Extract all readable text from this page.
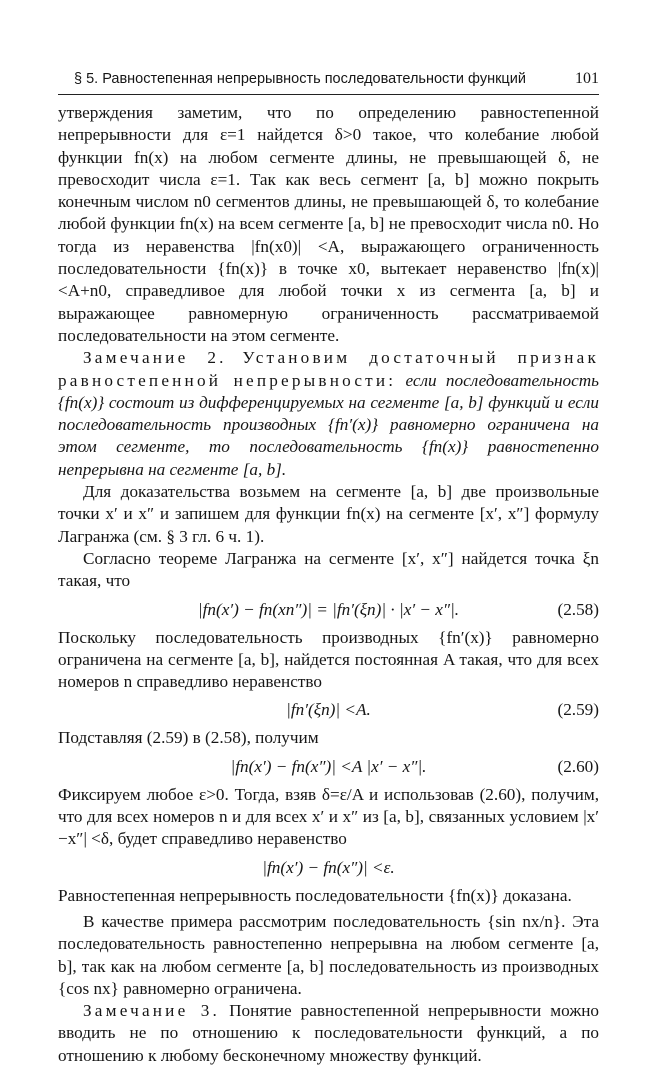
§ 5. Равностепенная непрерывность последовательности функций	101

утверждения заметим, что по определению равностепенной непрерывности для ε=1 найдется δ>0 такое, что колебание любой функции fn(x) на любом сегменте длины, не превышающей δ, не превосходит числа ε=1. Так как весь сегмент [a, b] можно покрыть конечным числом n0 сегментов длины, не превышающей δ, то колебание любой функции fn(x) на всем сегменте [a, b] не превосходит числа n0. Но тогда из неравенства |fn(x0)| <A, выражающего ограниченность последовательности {fn(x)} в точке x0, вытекает неравенство |fn(x)| <A+n0, справедливое для любой точки x из сегмента [a, b] и выражающее равномерную ограниченность рассматриваемой последовательности на этом сегменте.

Замечание 2. Установим достаточный признак равностепенной непрерывности: если последовательность {fn(x)} состоит из дифференцируемых на сегменте [a, b] функций и если последовательность производных {fn′(x)} равномерно ограничена на этом сегменте, то последовательность {fn(x)} равностепенно непрерывна на сегменте [a, b].

Для доказательства возьмем на сегменте [a, b] две произвольные точки x′ и x″ и запишем для функции fn(x) на сегменте [x′, x″] формулу Лагранжа (см. § 3 гл. 6 ч. 1).

Согласно теореме Лагранжа на сегменте [x′, x″] найдется точка ξn такая, что

|fn(x′) − fn(xn″)| = |fn′(ξn)| · |x′ − x″|.	(2.58)

Поскольку последовательность производных {fn′(x)} равномерно ограничена на сегменте [a, b], найдется постоянная A такая, что для всех номеров n справедливо неравенство

|fn′(ξn)| <A.	(2.59)

Подставляя (2.59) в (2.58), получим

|fn(x′) − fn(x″)| <A |x′ − x″|.	(2.60)

Фиксируем любое ε>0. Тогда, взяв δ=ε/A и использовав (2.60), получим, что для всех номеров n и для всех x′ и x″ из [a, b], связанных условием |x′−x″| <δ, будет справедливо неравенство

|fn(x′) − fn(x″)| <ε.

Равностепенная непрерывность последовательности {fn(x)} доказана.

В качестве примера рассмотрим последовательность {sin nx/n}. Эта последовательность равностепенно непрерывна на любом сегменте [a, b], так как на любом сегменте [a, b] последовательность из производных {cos nx} равномерно ограничена.

Замечание 3. Понятие равностепенной непрерывности можно вводить не по отношению к последовательности функций, а по отношению к любому бесконечному множеству функций.
